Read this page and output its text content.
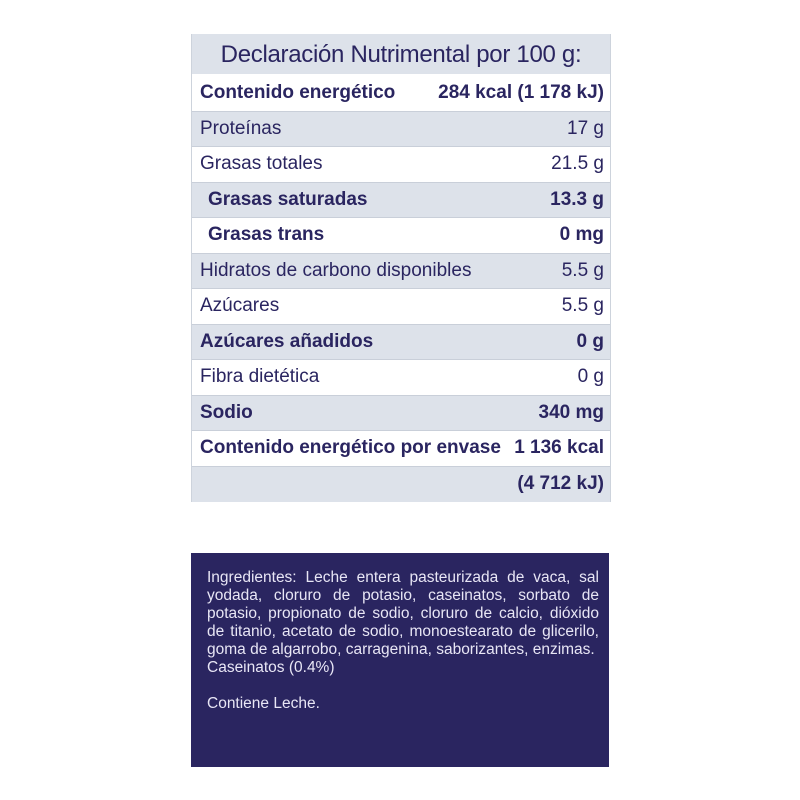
Declaración Nutrimental por 100 g:
Contenido energético 284 kcal (1 178 kJ)
Proteínas	17 g
Grasas totales	21.5 g
Grasas saturadas	13.3 g
Grasas trans	0 mg
Hidratos de carbono disponibles	5.5 g
Azúcares	5.5 g
Azúcares añadidos	0 g
Fibra dietética	0 g
Sodio	340 mg
Contenido energético por envase 1 136 kcal
(4 712 kJ)
Ingredientes: Leche entera pasteurizada de vaca, sal yodada, cloruro de potasio, caseinatos, sorbato de potasio, propionato de sodio, cloruro de calcio, dióxido de titanio, acetato de sodio, monoestearato de glicerilo, goma de algarrobo, carragenina, saborizantes, enzimas.
Caseinatos (0.4%)
Contiene Leche.
